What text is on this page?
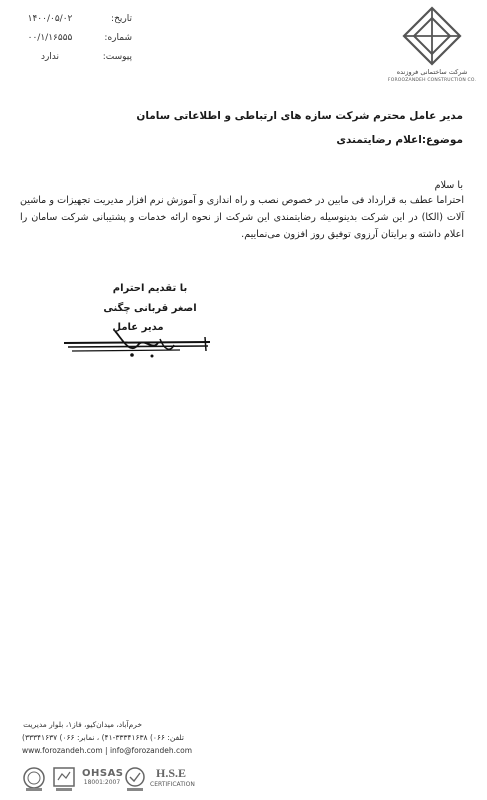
شرکت ساختمانی فروزنده
FOROOZANDEH CONSTRUCTION CO.
تاریخ:
۱۴۰۰/۰۵/۰۲
شماره:
۰۰/۱/۱۶۵۵۵
پیوست:
ندارد
مدیر عامل محترم شرکت سازه های ارتباطی و اطلاعاتی سامان
موضوع:اعلام رضایتمندی
با سلام
احتراما عطف به قرارداد فی مابین در خصوص نصب و راه اندازی و آموزش نرم افزار مدیریت تجهیزات و ماشین آلات (الکا) در این شرکت بدینوسیله رضایتمندی این شرکت از نحوه ارائه خدمات و پشتیبانی شرکت سامان را اعلام داشته و برایتان آرزوی توفیق روز افزون می‌نماییم.
با تقدیم احترام
اصغر قربانی چگنی
مدیر عامل
خرم‌آباد، میدان‌کیو، فاز۱، بلوار مدیریت
تلفن: ۰۶۶) ۳۳۳۴۱۶۳۸-۴۱) ، نمابر: ۰۶۶) ۳۳۳۴۱۶۳۷)
www.forozandeh.com | info@forozandeh.com
OHSAS
18001:2007
H.S.E
CERTIFICATION
